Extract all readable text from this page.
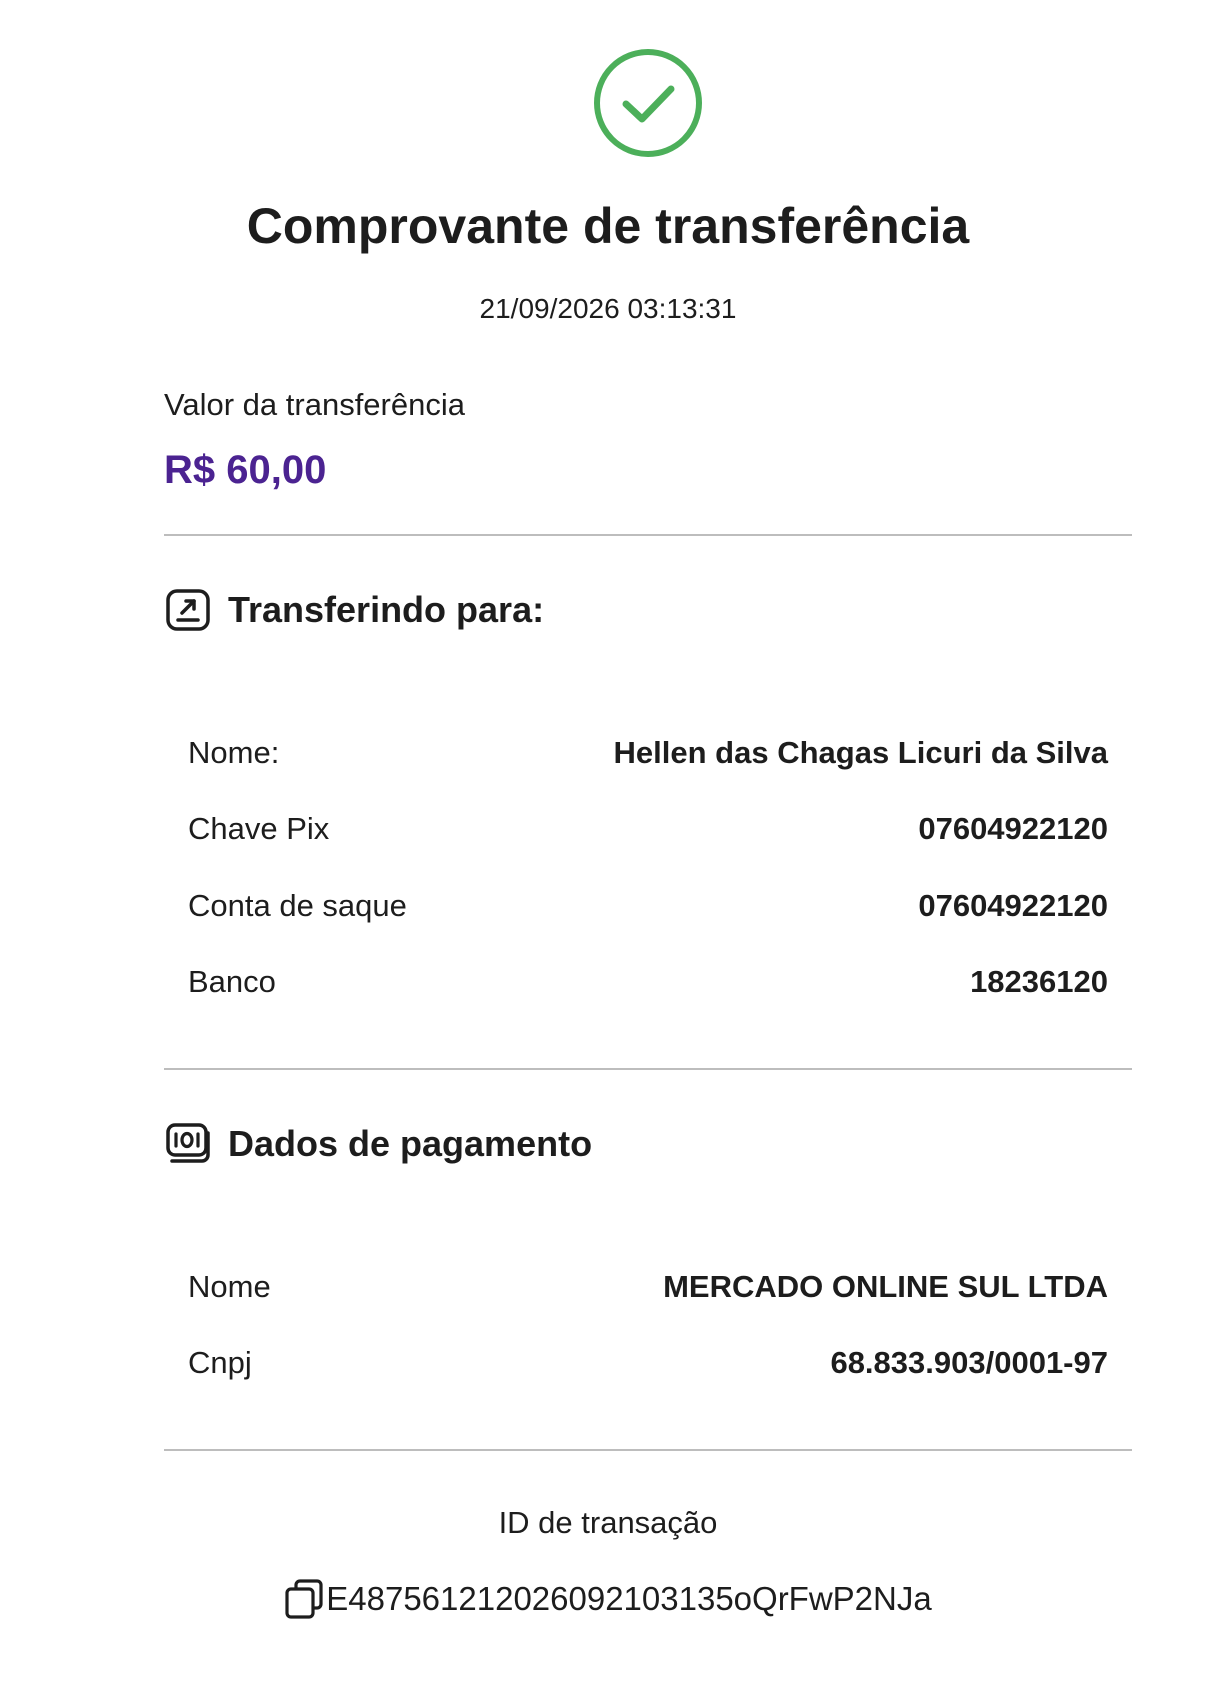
Comprovante de transferência
21/09/2026 03:13:31
Valor da transferência
R$ 60,00
Transferindo para:
Nome:	Hellen das Chagas Licuri da Silva
Chave Pix	07604922120
Conta de saque	07604922120
Banco	18236120
Dados de pagamento
Nome	MERCADO ONLINE SUL LTDA
Cnpj	68.833.903/0001-97
ID de transação
E48756121202609210313​5oQrFwP2NJa
